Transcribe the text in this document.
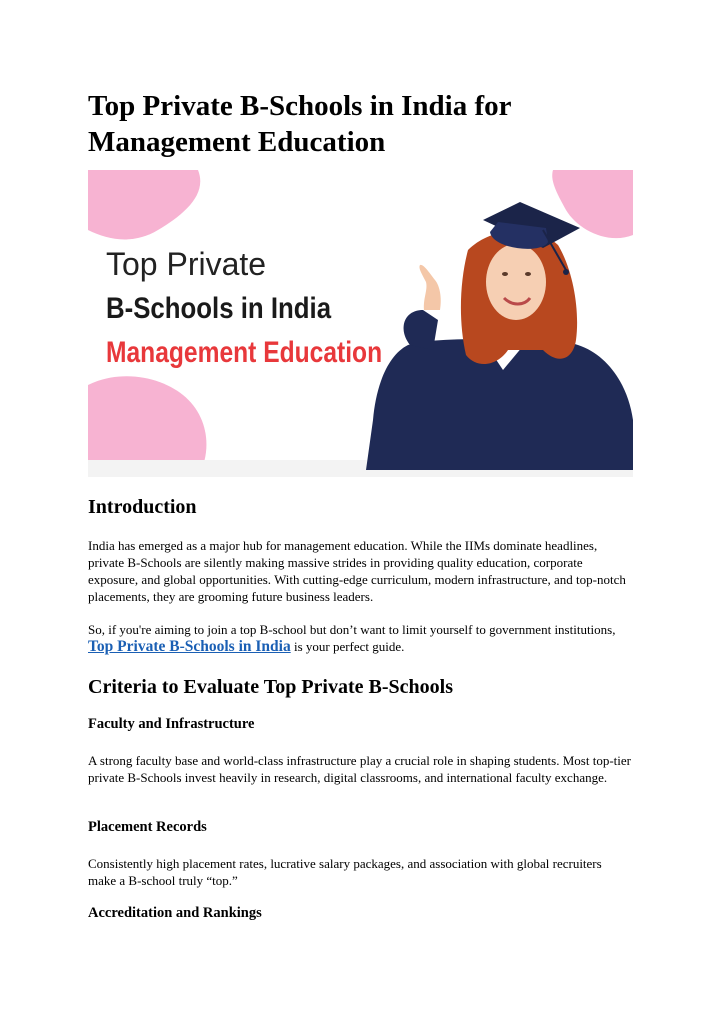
Top Private B-Schools in India for Management Education
Top Private
B-Schools in India
Management Education
Introduction

India has emerged as a major hub for management education. While the IIMs dominate headlines, private B-Schools are silently making massive strides in providing quality education, corporate exposure, and global opportunities. With cutting-edge curriculum, modern infrastructure, and top-notch placements, they are grooming future business leaders.

So, if you're aiming to join a top B-school but don’t want to limit yourself to government institutions, Top Private B-Schools in India is your perfect guide.

Criteria to Evaluate Top Private B-Schools
Faculty and Infrastructure

A strong faculty base and world-class infrastructure play a crucial role in shaping students. Most top-tier private B-Schools invest heavily in research, digital classrooms, and international faculty exchange.

Placement Records

Consistently high placement rates, lucrative salary packages, and association with global recruiters make a B-school truly “top.”

Accreditation and Rankings
